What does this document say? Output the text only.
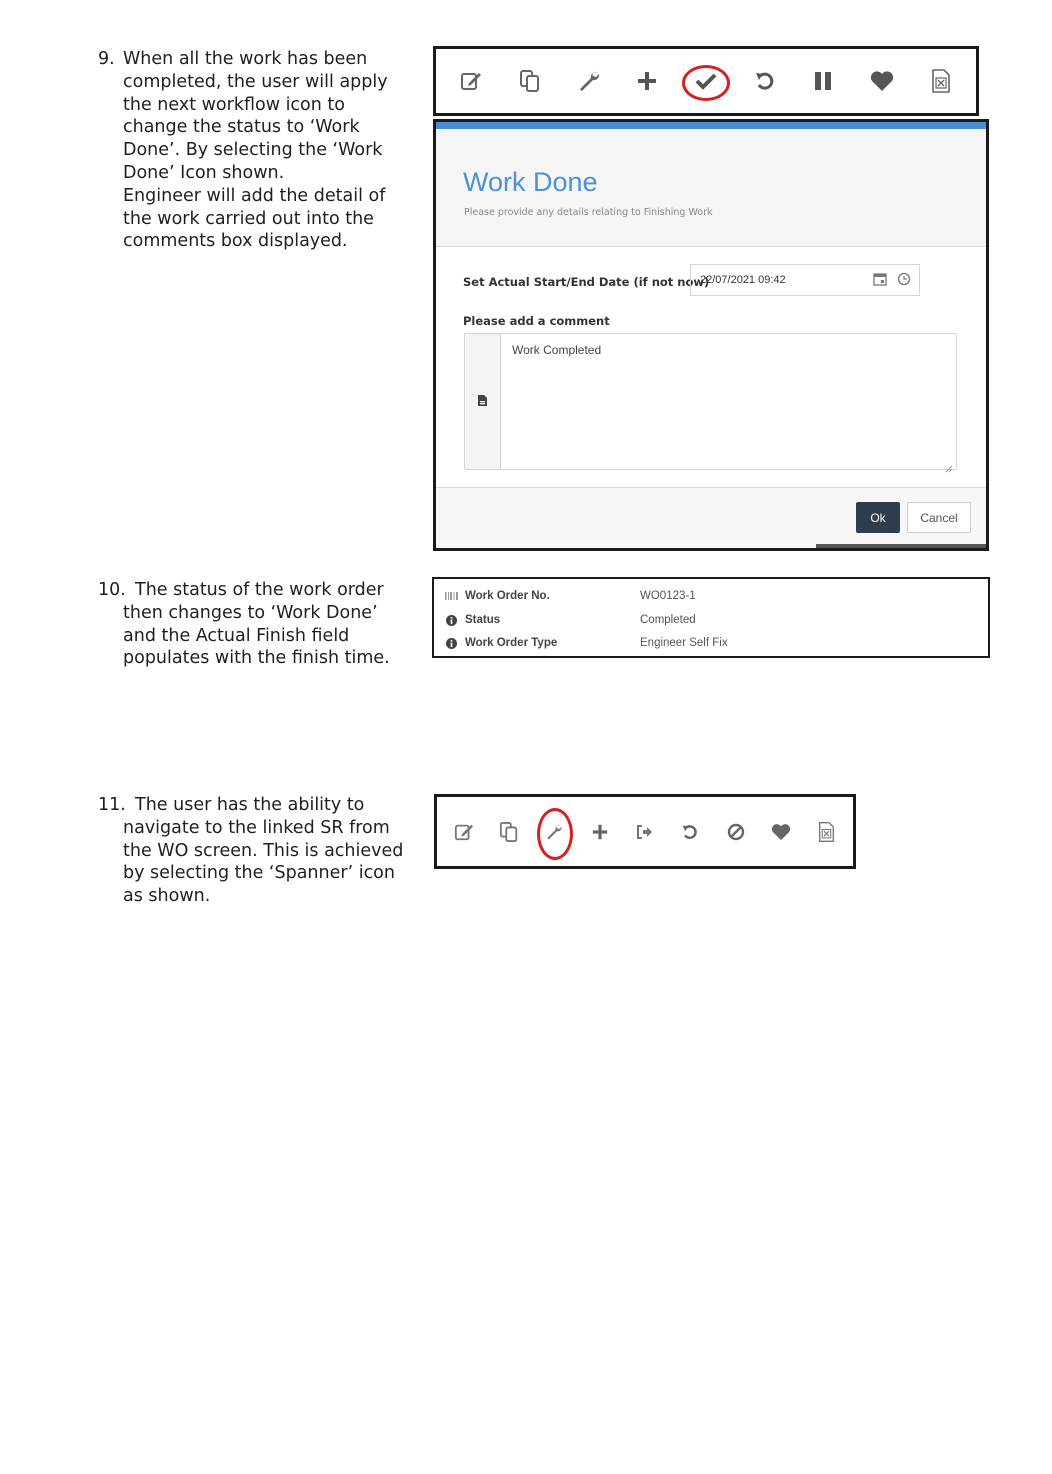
9. When all the work has been
completed, the user will apply
the next workflow icon to
change the status to ‘Work
Done’. By selecting the ‘Work
Done’ Icon shown.
Engineer will add the detail of
the work carried out into the
comments box displayed.
10. The status of the work order
then changes to ‘Work Done’
and the Actual Finish field
populates with the finish time.
11. The user has the ability to
navigate to the linked SR from
the WO screen. This is achieved
by selecting the ‘Spanner’ icon
as shown.
Work Done
Please provide any details relating to Finishing Work
Set Actual Start/End Date (if not now)
22/07/2021 09:42
Please add a comment
Work Completed
Ok	Cancel
Work Order No.	WO0123-1
Status	Completed
Work Order Type	Engineer Self Fix
